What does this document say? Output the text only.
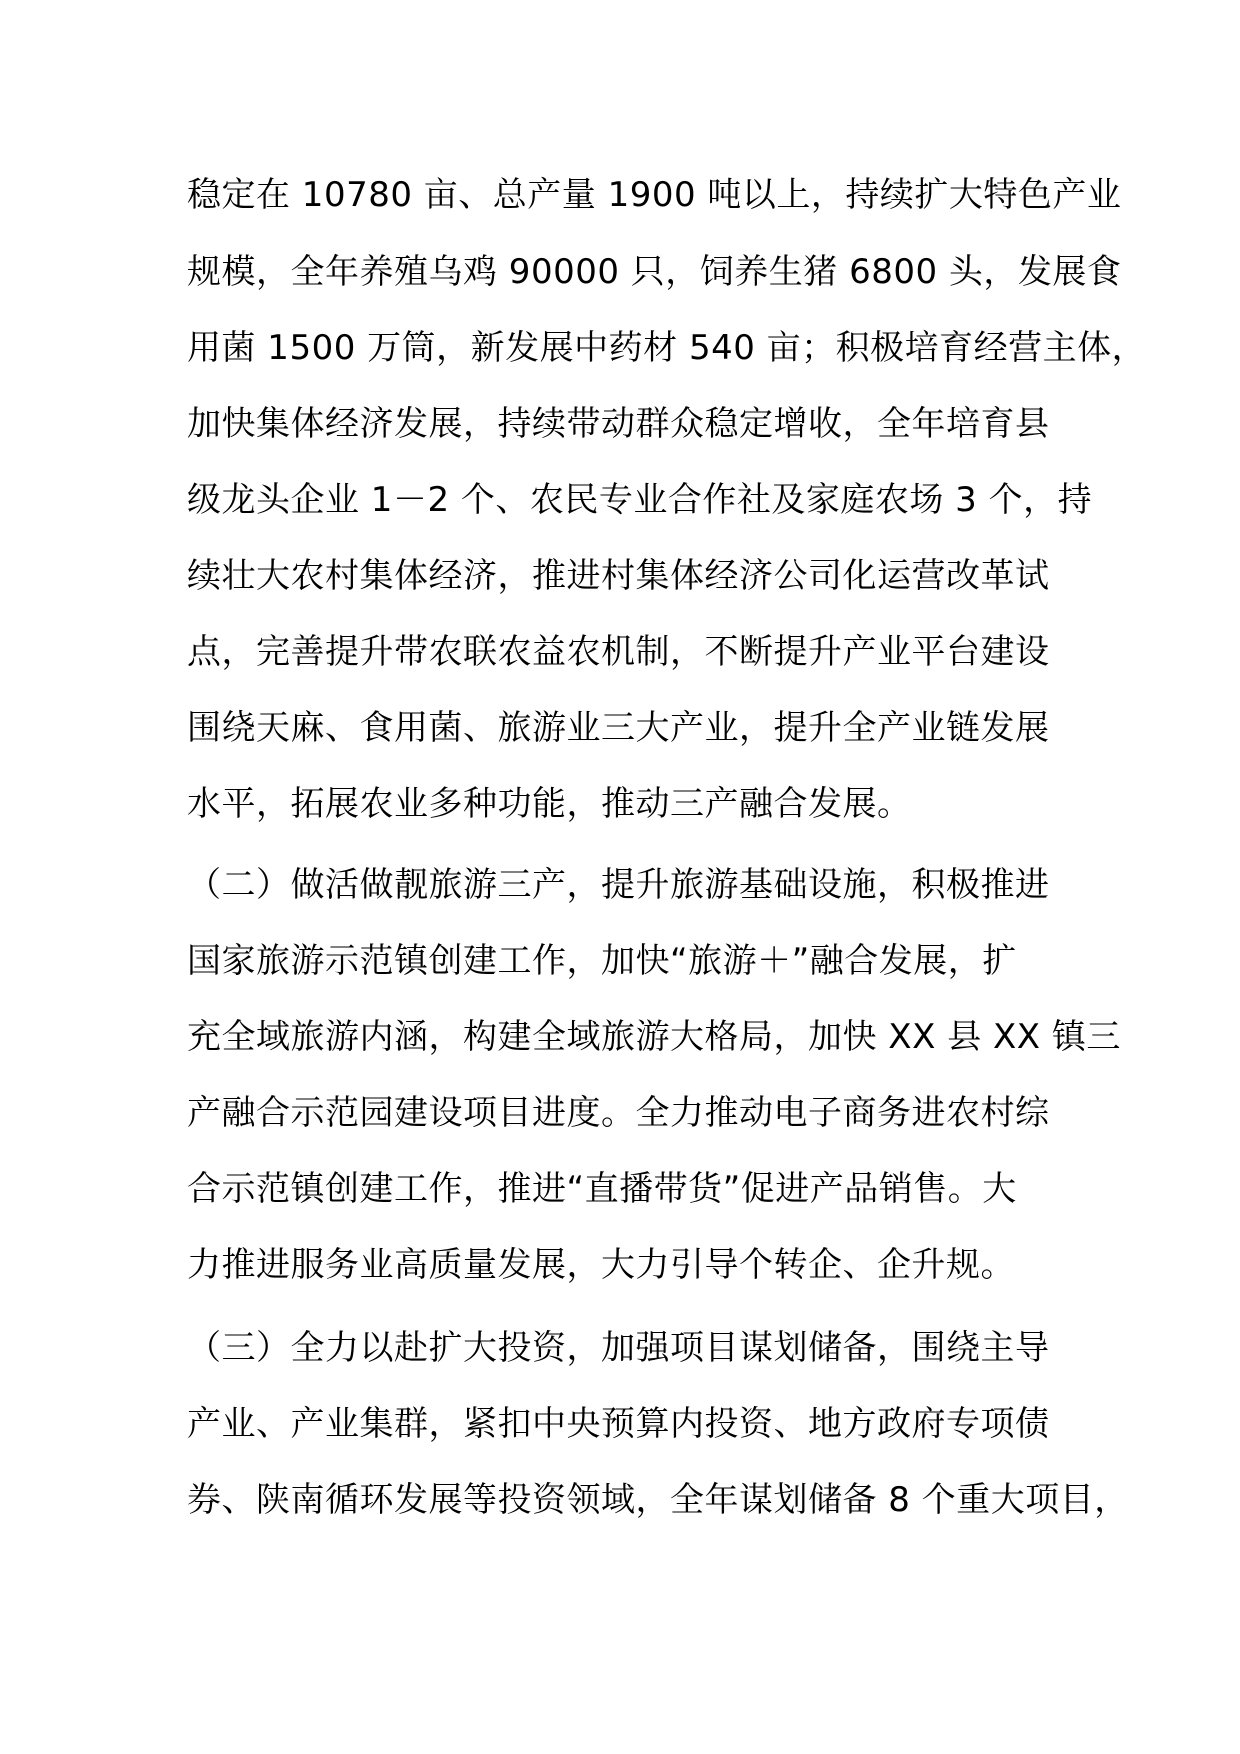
稳定在 10780 亩、总产量 1900 吨以上，持续扩大特色产业
规模，全年养殖乌鸡 90000 只，饲养生猪 6800 头，发展食
用菌 1500 万筒，新发展中药材 540 亩；积极培育经营主体，
加快集体经济发展，持续带动群众稳定增收，全年培育县
级龙头企业 1－2 个、农民专业合作社及家庭农场 3 个，持
续壮大农村集体经济，推进村集体经济公司化运营改革试
点，完善提升带农联农益农机制，不断提升产业平台建设
围绕天麻、食用菌、旅游业三大产业，提升全产业链发展
水平，拓展农业多种功能，推动三产融合发展。
（二）做活做靓旅游三产，提升旅游基础设施，积极推进
国家旅游示范镇创建工作，加快“旅游＋”融合发展，扩
充全域旅游内涵，构建全域旅游大格局，加快 XX 县 XX 镇三
产融合示范园建设项目进度。全力推动电子商务进农村综
合示范镇创建工作，推进“直播带货”促进产品销售。大
力推进服务业高质量发展，大力引导个转企、企升规。
（三）全力以赴扩大投资，加强项目谋划储备，围绕主导
产业、产业集群，紧扣中央预算内投资、地方政府专项债
券、陕南循环发展等投资领域，全年谋划储备 8 个重大项目，
